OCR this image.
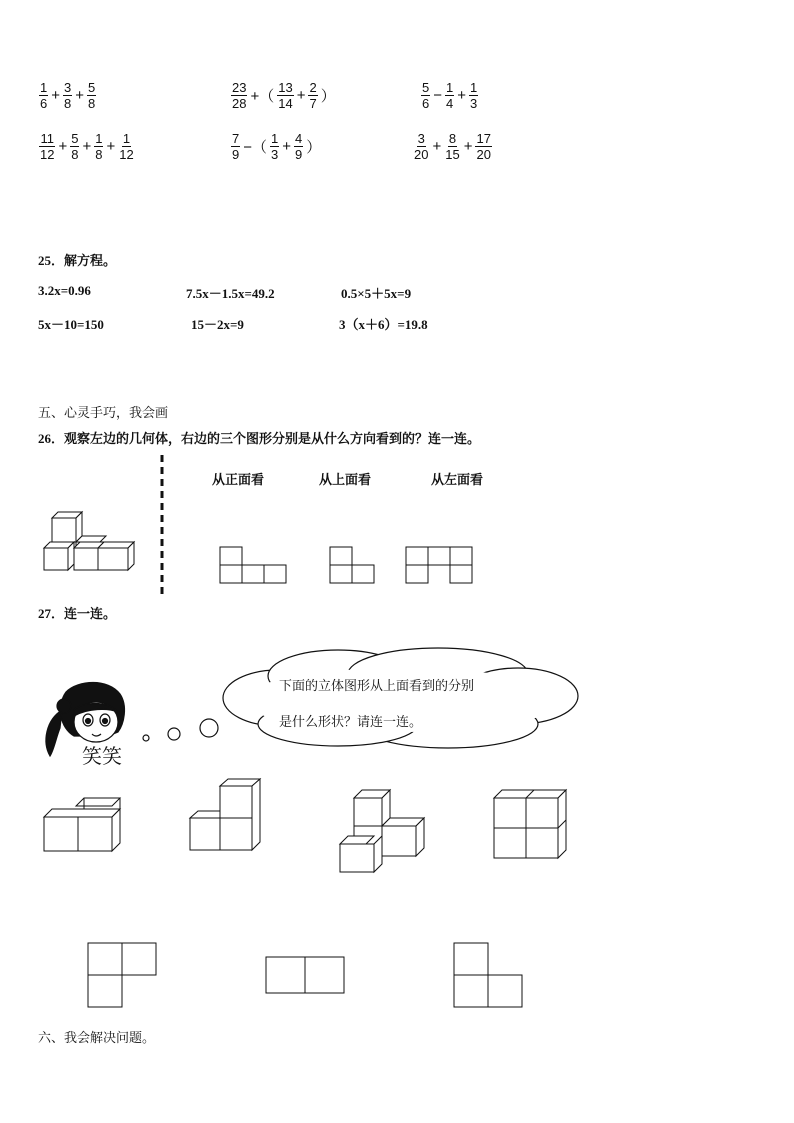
$\frac{1}{6} + \frac{3}{8} + \frac{5}{8}$	$\frac{23}{28}$ +（ $\frac{13}{14} + \frac{2}{7}$ ）	$\frac{5}{6} - \frac{1}{4} + \frac{1}{3}$
$\frac{11}{12} + \frac{5}{8} + \frac{1}{8} + \frac{1}{12}$	$\frac{7}{9}$ −（ $\frac{1}{3} + \frac{4}{9}$ ）	$\frac{3}{20} + \frac{8}{15} + \frac{17}{20}$
25．解方程。
3.2x=0.96	7.5x－1.5x=49.2	0.5×5＋5x=9
5x－10=150	15－2x=9	3（x＋6）=19.8
五、心灵手巧，我会画
26．观察左边的几何体，右边的三个图形分别是从什么方向看到的？连一连。
从正面看	从上面看	从左面看
27．连一连。
下面的立体图形从上面看到的分别
是什么形状？请连一连。
笑笑
六、我会解决问题。
